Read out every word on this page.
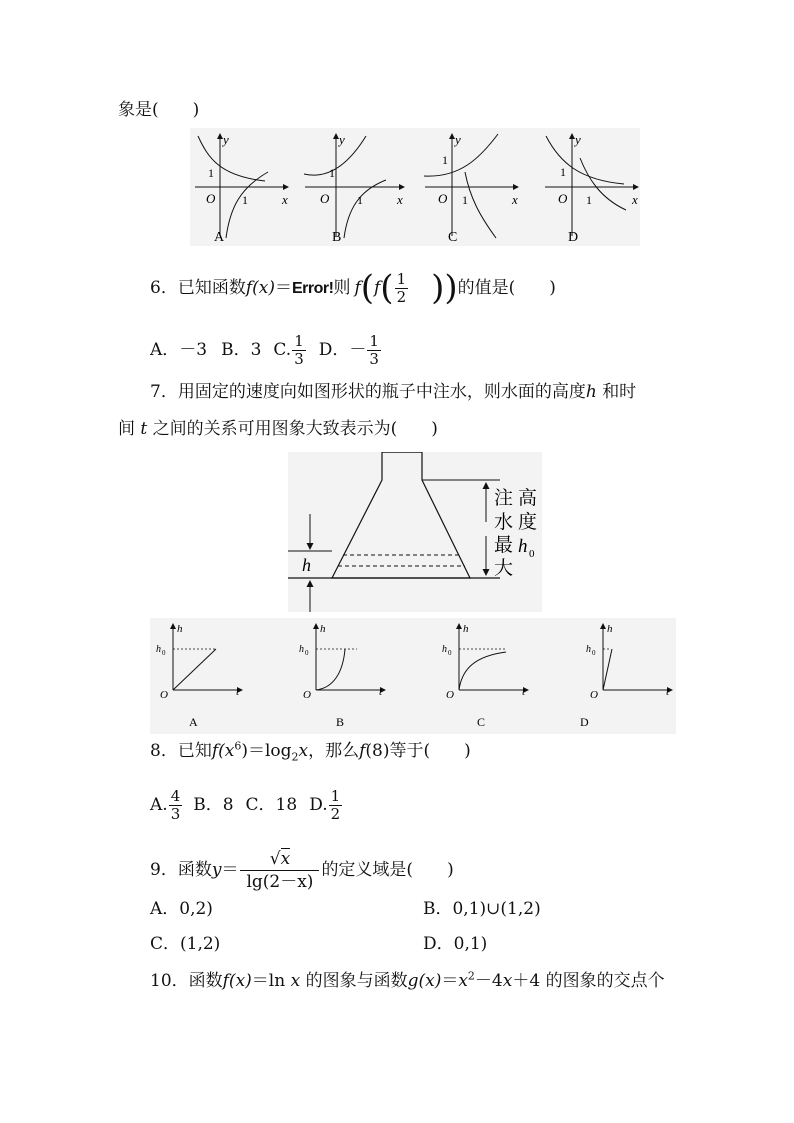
象是(　　)
y
x
O
1
1
A
y
x
O
1
1
B
y
x
O
1
1
C
y
x
O
1
1
D
6．已知函数f(x)＝Error!则 $f(f( \frac{1}{2}$ ))的值是(　　)
A．－3 B．3 C. $\frac{1}{3}$ D．－ $\frac{1}{3}$
7．用固定的速度向如图形状的瓶子中注水，则水面的高度h 和时
间 t 之间的关系可用图象大致表示为(　　)
h
注
水
最
大
高
度
h 0
h
t
O
h 0
A
h
t
O
h 0
B
h
t
O
h 0
C
h
t
O
h 0
D
8．已知$f(x^6)=\log_2x$，那么f(8)等于(　　)
A. $\frac{4}{3}$ B．8 C．18 D. $\frac{1}{2}$
9．函数$y= \frac{√x}{\lg(2-x)}$ 的定义域是(　　)
A．0,2)	B．0,1)∪(1,2)
C．(1,2)	D．0,1)
10．函数f(x)＝ln x 的图象与函数$g(x)=x^2-4x+4$ 的图象的交点个
